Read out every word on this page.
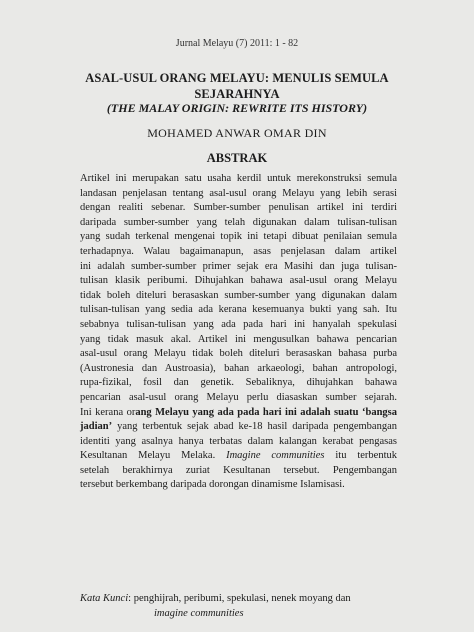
Jurnal Melayu (7) 2011: 1 - 82
ASAL-USUL ORANG MELAYU: MENULIS SEMULA
SEJARAHNYA
(THE MALAY ORIGIN: REWRITE ITS HISTORY)
MOHAMED ANWAR OMAR DIN
ABSTRAK
Artikel ini merupakan satu usaha kerdil untuk merekonstruksi semula
landasan penjelasan tentang asal-usul orang Melayu yang lebih serasi
dengan realiti sebenar. Sumber-sumber penulisan artikel ini terdiri
daripada sumber-sumber yang telah digunakan dalam tulisan-tulisan
yang sudah terkenal mengenai topik ini tetapi dibuat penilaian semula
terhadapnya. Walau bagaimanapun, asas penjelasan dalam artikel
ini adalah sumber-sumber primer sejak era Masihi dan juga tulisan-
tulisan klasik peribumi. Dihujahkan bahawa asal-usul orang Melayu
tidak boleh diteluri berasaskan sumber-sumber yang digunakan dalam
tulisan-tulisan yang sedia ada kerana kesemuanya bukti yang sah. Itu
sebabnya tulisan-tulisan yang ada pada hari ini hanyalah spekulasi
yang tidak masuk akal. Artikel ini mengusulkan bahawa pencarian
asal-usul orang Melayu tidak boleh diteluri berasaskan bahasa purba
(Austronesia dan Austroasia), bahan arkaeologi, bahan antropologi,
rupa-fizikal, fosil dan genetik. Sebaliknya, dihujahkan bahawa
pencarian asal-usul orang Melayu perlu diasaskan sumber sejarah.
Ini kerana orang Melayu yang ada pada hari ini adalah suatu ‘bangsa
jadian’ yang terbentuk sejak abad ke-18 hasil daripada pengembangan
identiti yang asalnya hanya terbatas dalam kalangan kerabat pengasas
Kesultanan Melayu Melaka. Imagine communities itu terbentuk
setelah berakhirnya zuriat Kesultanan tersebut. Pengembangan
tersebut berkembang daripada dorongan dinamisme Islamisasi.
Kata Kunci: penghijrah, peribumi, spekulasi, nenek moyang dan
imagine communities
